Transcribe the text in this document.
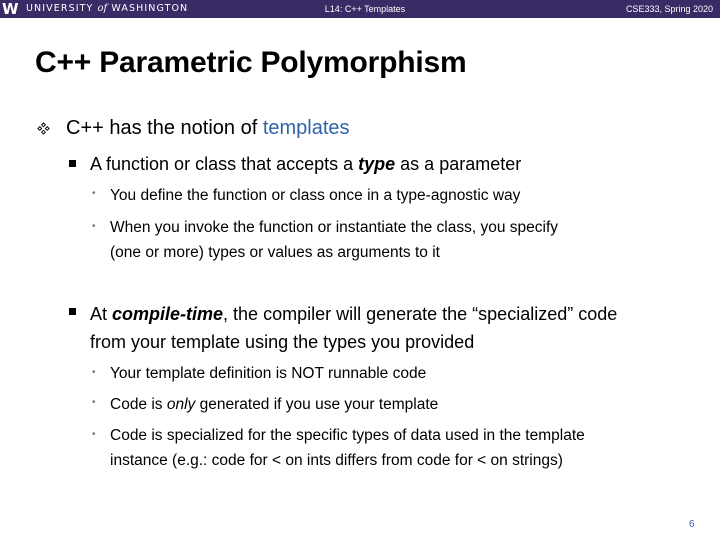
W UNIVERSITY of WASHINGTON	L14: C++ Templates	CSE333, Spring 2020
C++ Parametric Polymorphism
C++ has the notion of templates
A function or class that accepts a type as a parameter
• You define the function or class once in a type-agnostic way
• When you invoke the function or instantiate the class, you specify
(one or more) types or values as arguments to it
At compile-time, the compiler will generate the “specialized” code
from your template using the types you provided
• Your template definition is NOT runnable code
• Code is only generated if you use your template
• Code is specialized for the specific types of data used in the template
instance (e.g.: code for < on ints differs from code for < on strings)
6
